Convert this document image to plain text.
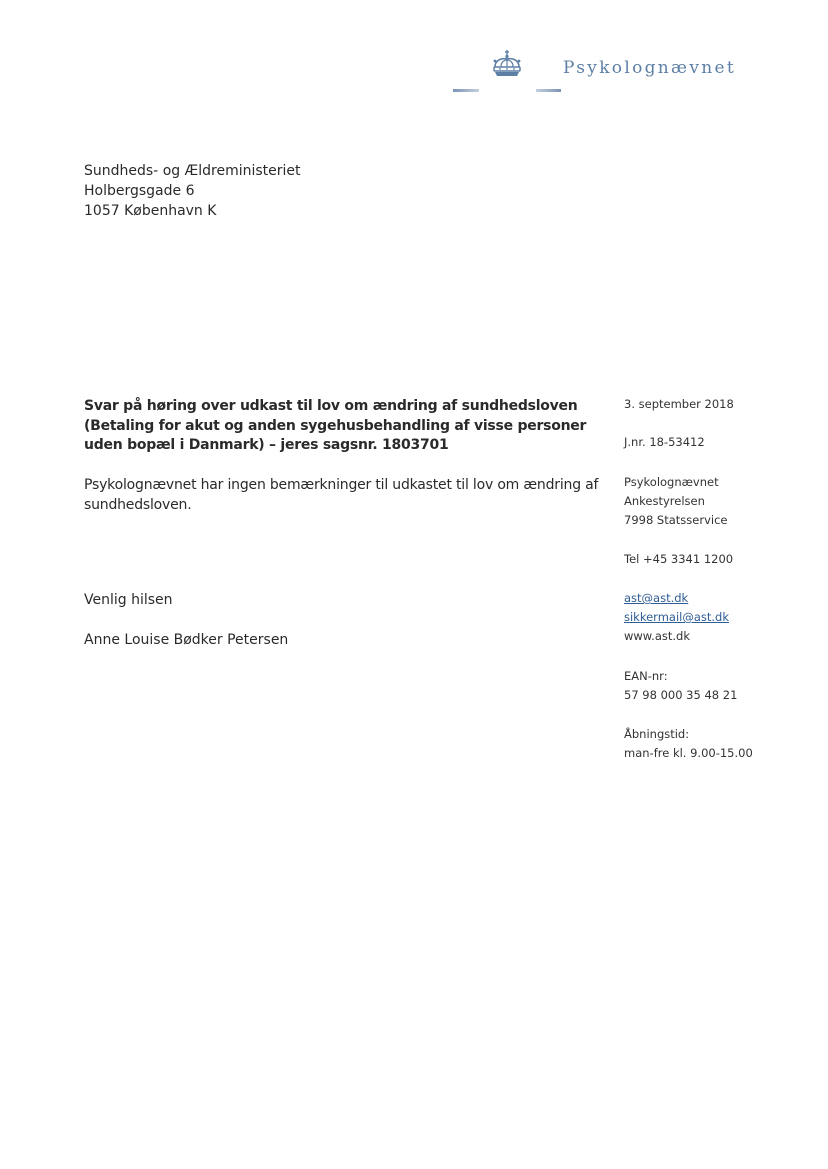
Psykolognævnet
Sundheds- og Ældreministeriet
Holbergsgade 6
1057 København K
Svar på høring over udkast til lov om ændring af sundhedsloven
(Betaling for akut og anden sygehusbehandling af visse personer
uden bopæl i Danmark) – jeres sagsnr. 1803701
Psykolognævnet har ingen bemærkninger til udkastet til lov om ændring af
sundhedsloven.
Venlig hilsen
Anne Louise Bødker Petersen
3. september 2018
J.nr. 18-53412
Psykolognævnet
Ankestyrelsen
7998 Statsservice
Tel +45 3341 1200
ast@ast.dk
sikkermail@ast.dk
www.ast.dk
EAN-nr:
57 98 000 35 48 21
Åbningstid:
man-fre kl. 9.00-15.00
